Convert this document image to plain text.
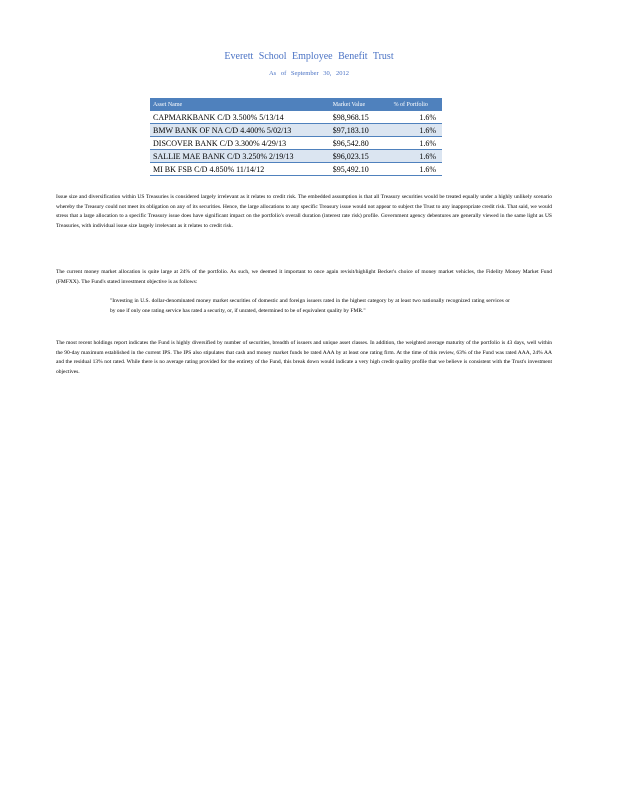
Everett School Employee Benefit Trust
As of September 30, 2012
Asset Name	Market Value	% of Portfolio
CAPMARKBANK C/D 3.500% 5/13/14	$98,968.15	1.6%
BMW BANK OF NA C/D 4.400% 5/02/13	$97,183.10	1.6%
DISCOVER BANK C/D 3.300% 4/29/13	$96,542.80	1.6%
SALLIE MAE BANK C/D 3.250% 2/19/13	$96,023.15	1.6%
MI BK FSB C/D 4.850% 11/14/12	$95,492.10	1.6%
Issue size and diversification within US Treasuries is considered largely irrelevant as it relates to credit risk. The embedded assumption is that all Treasury securities would be treated equally under a highly unlikely scenario whereby the Treasury could not meet its obligation on any of its securities. Hence, the large allocations to any specific Treasury issue would not appear to subject the Trust to any inappropriate credit risk. That said, we would stress that a large allocation to a specific Treasury issue does have significant impact on the portfolio's overall duration (interest rate risk) profile. Government agency debentures are generally viewed in the same light as US Treasuries, with individual issue size largely irrelevant as it relates to credit risk.
The current money market allocation is quite large at 24% of the portfolio. As such, we deemed it important to once again revisit/highlight Becker's choice of money market vehicles, the Fidelity Money Market Fund (FMFXX). The Fund's stated investment objective is as follows:
"Investing in U.S. dollar-denominated money market securities of domestic and foreign issuers rated in the highest category by at least two nationally recognized rating services or by one if only one rating service has rated a security, or, if unrated, determined to be of equivalent quality by FMR."
The most recent holdings report indicates the Fund is highly diversified by number of securities, breadth of issuers and unique asset classes. In addition, the weighted average maturity of the portfolio is 43 days, well within the 90-day maximum established in the current IPS. The IPS also stipulates that cash and money market funds be rated AAA by at least one rating firm. At the time of this review, 63% of the Fund was rated AAA, 24% AA and the residual 13% not rated. While there is no average rating provided for the entirety of the Fund, this break down would indicate a very high credit quality profile that we believe is consistent with the Trust's investment objectives.
